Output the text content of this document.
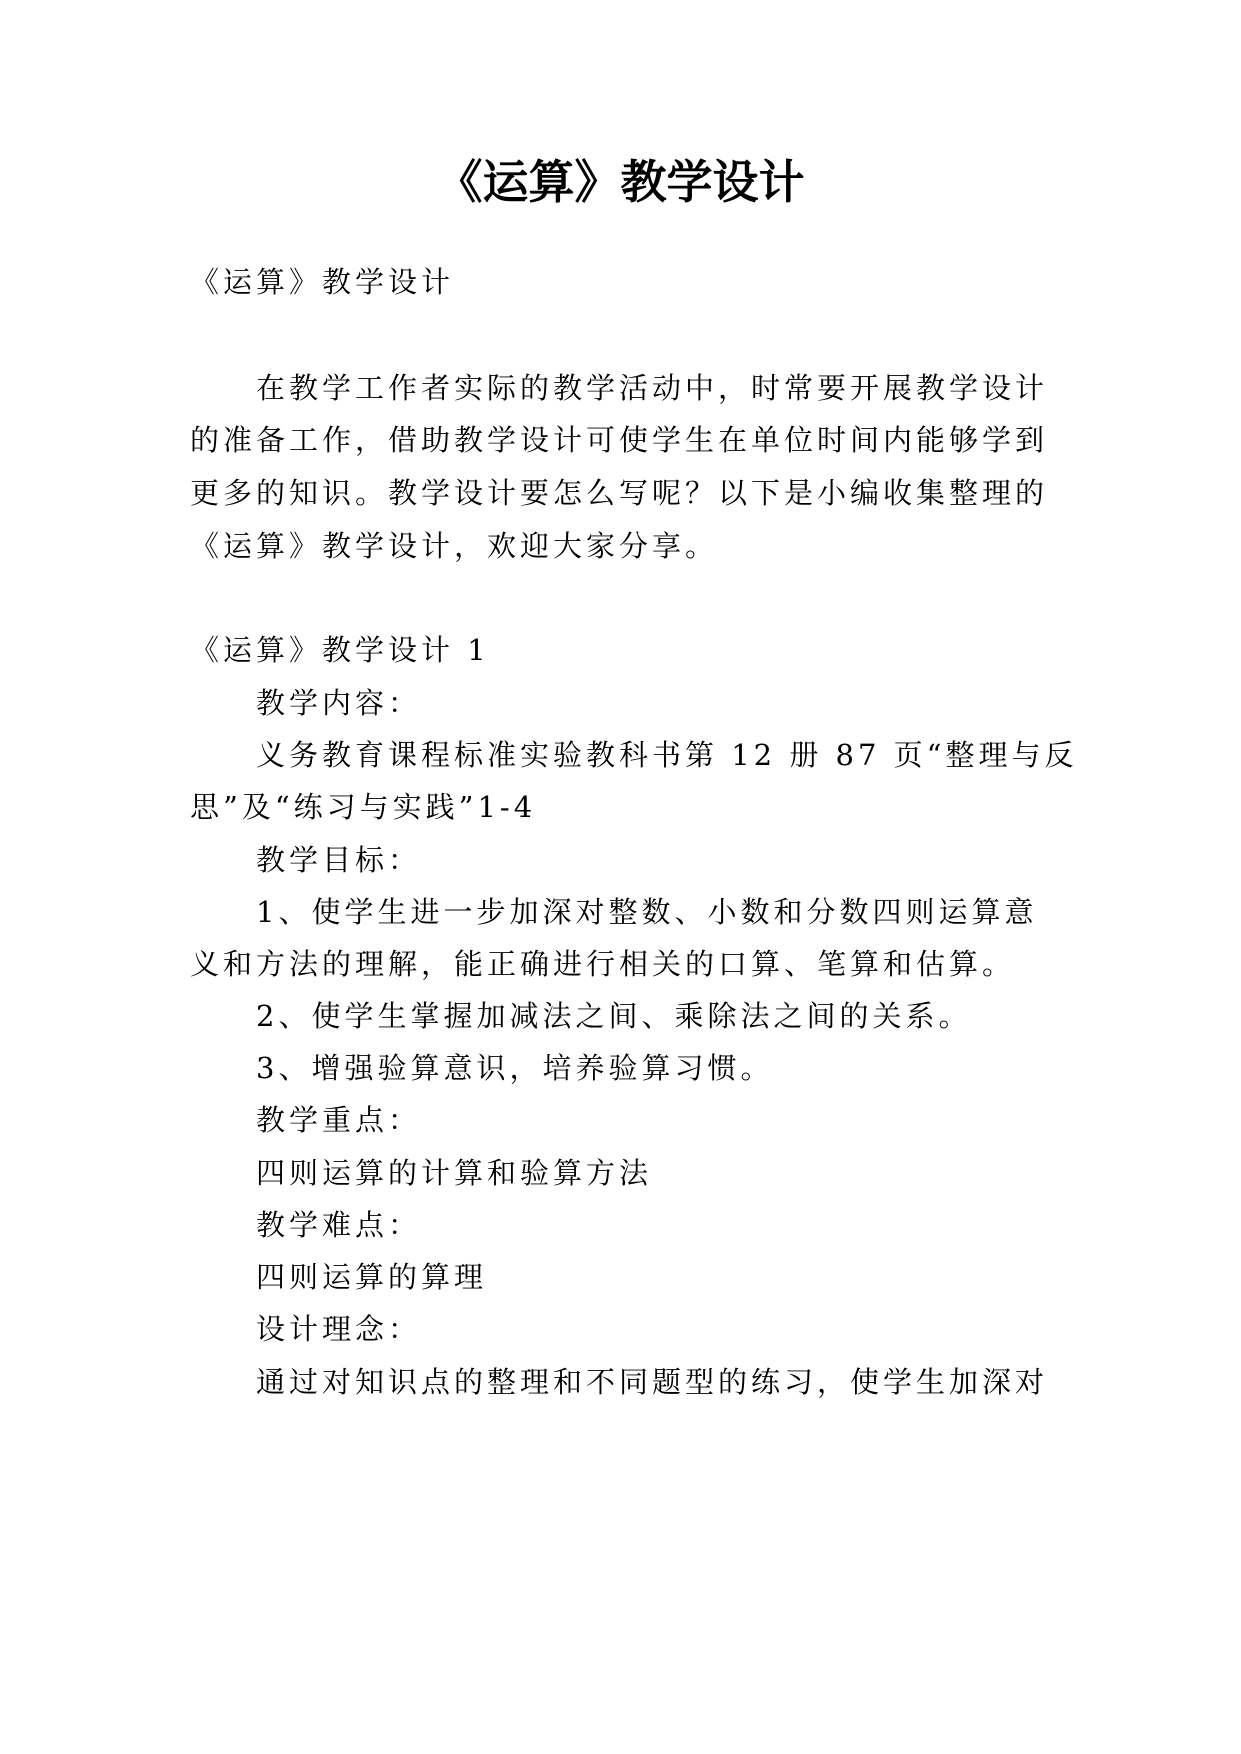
《运算》教学设计
《运算》教学设计
在教学工作者实际的教学活动中，时常要开展教学设计
的准备工作，借助教学设计可使学生在单位时间内能够学到
更多的知识。教学设计要怎么写呢？以下是小编收集整理的
《运算》教学设计，欢迎大家分享。
《运算》教学设计 1
教学内容：
义务教育课程标准实验教科书第 12 册 87 页“整理与反
思”及“练习与实践”1-4
教学目标：
1、使学生进一步加深对整数、小数和分数四则运算意
义和方法的理解，能正确进行相关的口算、笔算和估算。
2、使学生掌握加减法之间、乘除法之间的关系。
3、增强验算意识，培养验算习惯。
教学重点：
四则运算的计算和验算方法
教学难点：
四则运算的算理
设计理念：
通过对知识点的整理和不同题型的练习，使学生加深对
